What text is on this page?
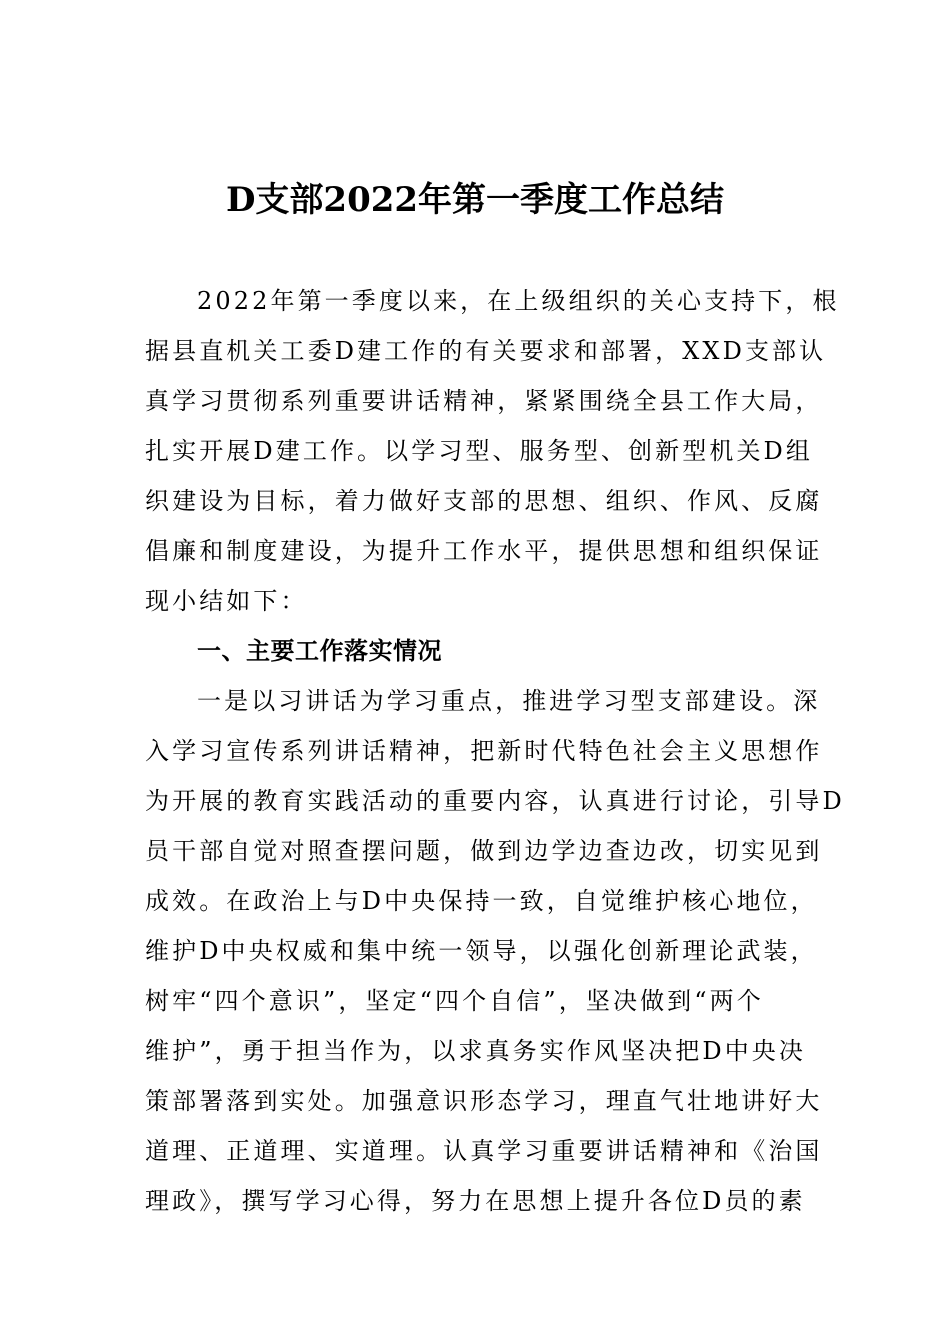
D支部2022年第一季度工作总结
2022年第一季度以来，在上级组织的关心支持下，根
据县直机关工委D建工作的有关要求和部署，XXD支部认
真学习贯彻系列重要讲话精神，紧紧围绕全县工作大局，
扎实开展D建工作。以学习型、服务型、创新型机关D组
织建设为目标，着力做好支部的思想、组织、作风、反腐
倡廉和制度建设，为提升工作水平，提供思想和组织保证
现小结如下：
一、主要工作落实情况
一是以习讲话为学习重点，推进学习型支部建设。深
入学习宣传系列讲话精神，把新时代特色社会主义思想作
为开展的教育实践活动的重要内容，认真进行讨论，引导D
员干部自觉对照查摆问题，做到边学边查边改，切实见到
成效。在政治上与D中央保持一致，自觉维护核心地位，
维护D中央权威和集中统一领导，以强化创新理论武装，
树牢“四个意识”，坚定“四个自信”，坚决做到“两个
维护”，勇于担当作为，以求真务实作风坚决把D中央决
策部署落到实处。加强意识形态学习，理直气壮地讲好大
道理、正道理、实道理。认真学习重要讲话精神和《治国
理政》，撰写学习心得，努力在思想上提升各位D员的素
